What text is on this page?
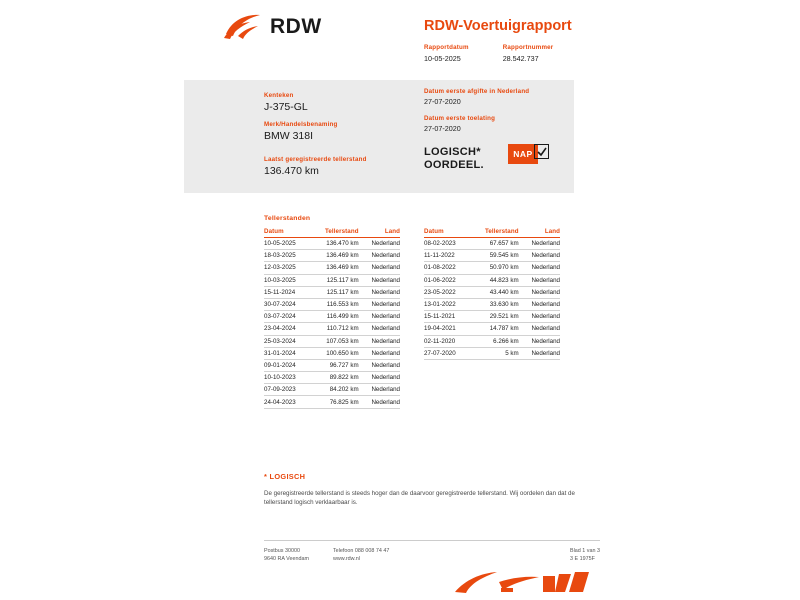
RDW	RDW-Voertuigrapport
Rapportdatum
10-05-2025
Rapportnummer
28.542.737
Kenteken
J-375-GL
Merk/Handelsbenaming
BMW 318I
Laatst geregistreerde tellerstand
136.470 km
Datum eerste afgifte in Nederland
27-07-2020
Datum eerste toelating
27-07-2020
LOGISCH*
OORDEEL.
NAP
Tellerstanden
Datum	Tellerstand	Land
10-05-2025	136.470 km	Nederland
18-03-2025	136.469 km	Nederland
12-03-2025	136.469 km	Nederland
10-03-2025	125.117 km	Nederland
15-11-2024	125.117 km	Nederland
30-07-2024	116.553 km	Nederland
03-07-2024	116.499 km	Nederland
23-04-2024	110.712 km	Nederland
25-03-2024	107.053 km	Nederland
31-01-2024	100.650 km	Nederland
09-01-2024	96.727 km	Nederland
10-10-2023	89.822 km	Nederland
07-09-2023	84.202 km	Nederland
24-04-2023	76.825 km	Nederland
Datum	Tellerstand	Land
08-02-2023	67.657 km	Nederland
11-11-2022	59.545 km	Nederland
01-08-2022	50.970 km	Nederland
01-06-2022	44.823 km	Nederland
23-05-2022	43.440 km	Nederland
13-01-2022	33.630 km	Nederland
15-11-2021	29.521 km	Nederland
19-04-2021	14.787 km	Nederland
02-11-2020	6.266 km	Nederland
27-07-2020	5 km	Nederland
* LOGISCH
De geregistreerde tellerstand is steeds hoger dan de daarvoor geregistreerde tellerstand. Wij oordelen dan dat de tellerstand logisch verklaarbaar is.
Postbus 30000
9640 RA Veendam
Telefoon 088 008 74 47
www.rdw.nl
Blad 1 van 3
3 E 1975F
